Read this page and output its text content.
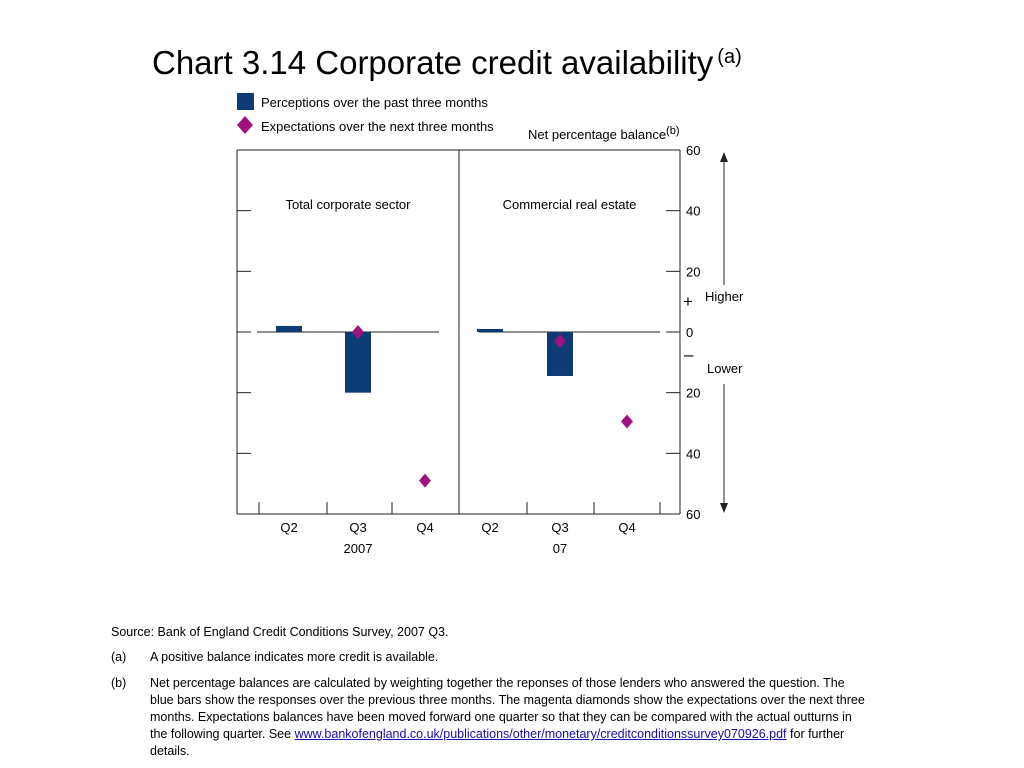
Chart 3.14 Corporate credit availability $^{(a)}$
Perceptions over the past three months
Expectations over the next three months
Net percentage balance$^{(b)}$
60
40
20
0
20
40
60
+ Higher
–
Lower
Total corporate sector
Q2	Q3	Q4
2007
Commercial real estate
Q2	Q3	Q4
07
Source: Bank of England Credit Conditions Survey, 2007 Q3.
(a) A positive balance indicates more credit is available.
(b) Net percentage balances are calculated by weighting together the reponses of those lenders who answered the question. The blue bars show the responses over the previous three months. The magenta diamonds show the expectations over the next three months. Expectations balances have been moved forward one quarter so that they can be compared with the actual outturns in the following quarter. See www.bankofengland.co.uk/publications/other/monetary/creditconditionssurvey070926.pdf for further details.
